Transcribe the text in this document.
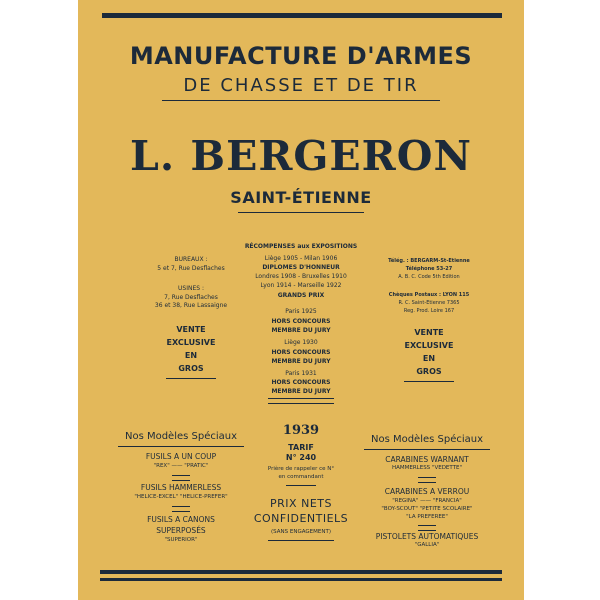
MANUFACTURE D'ARMES
DE CHASSE ET DE TIR
L. BERGERON
SAINT-ÉTIENNE
BUREAUX :
5 et 7, Rue Desflaches
USINES :
7, Rue Desflaches
36 et 38, Rue Lassaigne
VENTE
EXCLUSIVE
EN
GROS
RÉCOMPENSES aux EXPOSITIONS
Liège 1905 - Milan 1906
DIPLOMES D'HONNEUR
Londres 1908 - Bruxelles 1910
Lyon 1914 - Marseille 1922
GRANDS PRIX
Paris 1925
HORS CONCOURS
MEMBRE DU JURY
Liège 1930
HORS CONCOURS
MEMBRE DU JURY
Paris 1931
HORS CONCOURS
MEMBRE DU JURY
Télég. : BERGARM-St-Etienne
Téléphone 53-27
A. B. C. Code 5th Edition
Chèques Postaux : LYON 115
R. C. Saint-Etienne 7365
Reg. Prod. Loire 167
VENTE
EXCLUSIVE
EN
GROS
Nos Modèles Spéciaux
FUSILS A UN COUP
"REX" —— "PRATIC"
FUSILS HAMMERLESS
"HELICE-EXCEL" "HELICE-PREFER"
FUSILS A CANONS
SUPERPOSÉS
"SUPERIOR"
1939
TARIF
N° 240
Prière de rappeler ce N°
en commandant
PRIX NETS
CONFIDENTIELS
(SANS ENGAGEMENT)
Nos Modèles Spéciaux
CARABINES WARNANT
HAMMERLESS "VEDETTE"
CARABINES A VERROU
"REGINA" —— "FRANCIA"
"BOY-SCOUT" "PETITE SCOLAIRE"
"LA PREFEREE"
PISTOLETS AUTOMATIQUES
"GALLIA"
